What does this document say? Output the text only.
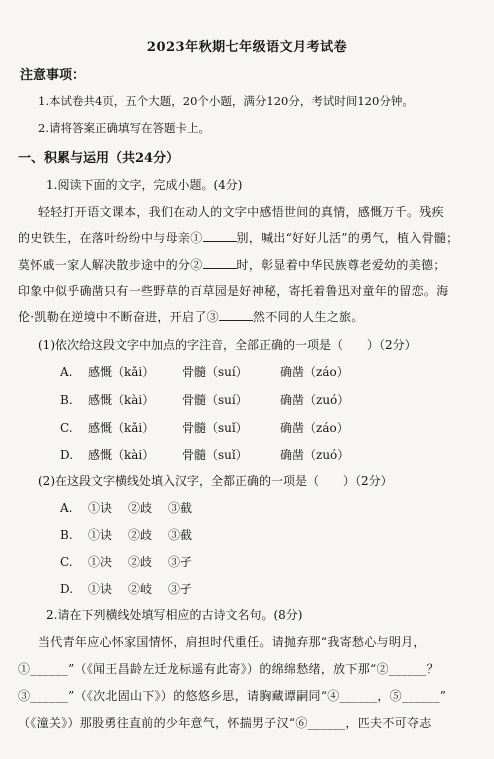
2023年秋期七年级语文月考试卷
注意事项：
1.本试卷共4页，五个大题，20个小题，满分120分，考试时间120分钟。
2.请将答案正确填写在答题卡上。
一、积累与运用（共24分）
1.阅读下面的文字，完成小题。(4分)
轻轻打开语文课本，我们在动人的文字中感悟世间的真情，感慨万千。残疾
的史铁生，在落叶纷纷中与母亲①	别，喊出“好好儿活”的勇气，植入骨髓；
莫怀戚一家人解决散步途中的分②	时，彰显着中华民族尊老爱幼的美德；
印象中似乎确凿只有一些野草的百草园是好神秘，寄托着鲁迅对童年的留恋。海
伦·凯勒在逆境中不断奋进，开启了③	然不同的人生之旅。
(1)依次给这段文字中加点的字注音，全部正确的一项是（　　）（2分）
A. 感慨（kǎi） 骨髓（suí）	确凿（záo）
B. 感慨（kài） 骨髓（suí）	确凿（zuó）
C. 感慨（kǎi） 骨髓（suǐ）	确凿（záo）
D. 感慨（kài） 骨髓（suǐ）	确凿（zuó）
(2)在这段文字横线处填入汉字，全都正确的一项是（　　）（2分）
A. ①诀 ②歧 ③截
B. ①诀 ②歧 ③截
C. ①决 ②歧 ③孑
D. ①诀 ②岐 ③孑
2.请在下列横线处填写相应的古诗文名句。(8分)
当代青年应心怀家国情怀，肩担时代重任。请抛弃那“我寄愁心与明月，
①______”（《闻王昌龄左迁龙标遥有此寄》）的绵绵愁绪，放下那“②______？
③______”（《次北固山下》）的悠悠乡思，请胸藏谭嗣同“④______，⑤______”
（《潼关》）那股勇往直前的少年意气，怀揣男子汉“⑥______，匹夫不可夺志
